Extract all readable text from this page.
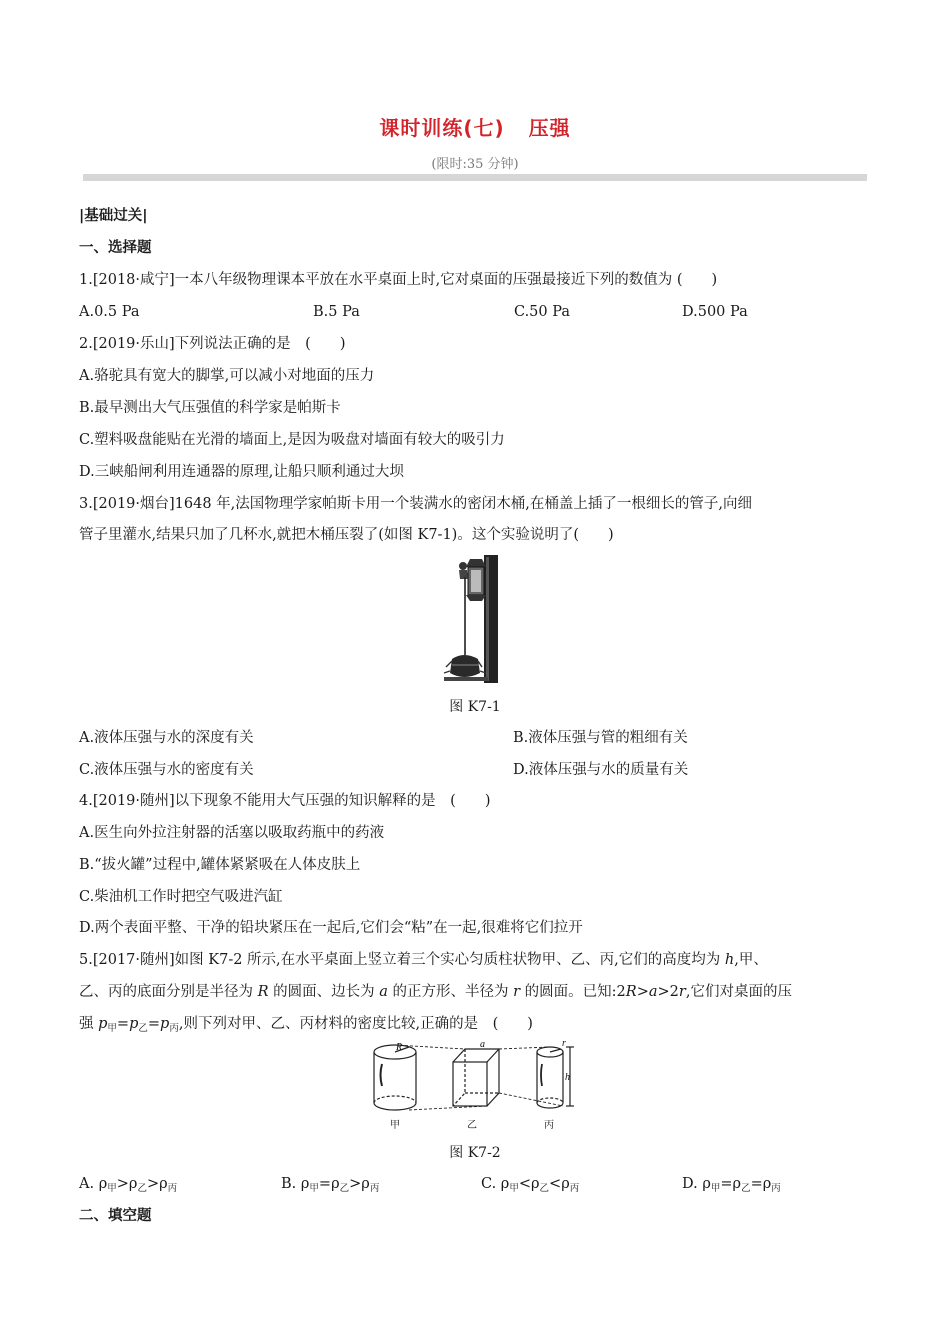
课时训练(七) 压强
(限时:35 分钟)
|基础过关|
一、选择题
1.[2018·咸宁]一本八年级物理课本平放在水平桌面上时,它对桌面的压强最接近下列的数值为 (　　)
A.0.5 Pa	B.5 Pa	C.50 Pa	D.500 Pa
2.[2019·乐山]下列说法正确的是　(　　)
A.骆驼具有宽大的脚掌,可以减小对地面的压力
B.最早测出大气压强值的科学家是帕斯卡
C.塑料吸盘能贴在光滑的墙面上,是因为吸盘对墙面有较大的吸引力
D.三峡船闸利用连通器的原理,让船只顺利通过大坝
3.[2019·烟台]1648 年,法国物理学家帕斯卡用一个装满水的密闭木桶,在桶盖上插了一根细长的管子,向细
管子里灌水,结果只加了几杯水,就把木桶压裂了(如图 K7-1)。这个实验说明了(　　)
图 K7-1
A.液体压强与水的深度有关	B.液体压强与管的粗细有关
C.液体压强与水的密度有关	D.液体压强与水的质量有关
4.[2019·随州]以下现象不能用大气压强的知识解释的是　(　　)
A.医生向外拉注射器的活塞以吸取药瓶中的药液
B.“拔火罐”过程中,罐体紧紧吸在人体皮肤上
C.柴油机工作时把空气吸进汽缸
D.两个表面平整、干净的铅块紧压在一起后,它们会“粘”在一起,很难将它们拉开
5.[2017·随州]如图 K7-2 所示,在水平桌面上竖立着三个实心匀质柱状物甲、乙、丙,它们的高度均为 h,甲、
乙、丙的底面分别是半径为 R 的圆面、边长为 a 的正方形、半径为 r 的圆面。已知:2R>a>2r,它们对桌面的压
强 $p_甲=p_乙=p_丙$,则下列对甲、乙、丙材料的密度比较,正确的是　(　　)
R	a	r
h
甲	乙	丙
图 K7-2
A. $\rho_甲>\rho_乙>\rho_丙$	B. $\rho_甲=\rho_乙>\rho_丙$	C. $\rho_甲<\rho_乙<\rho_丙$	D. $\rho_甲=\rho_乙=\rho_丙$
二、填空题
